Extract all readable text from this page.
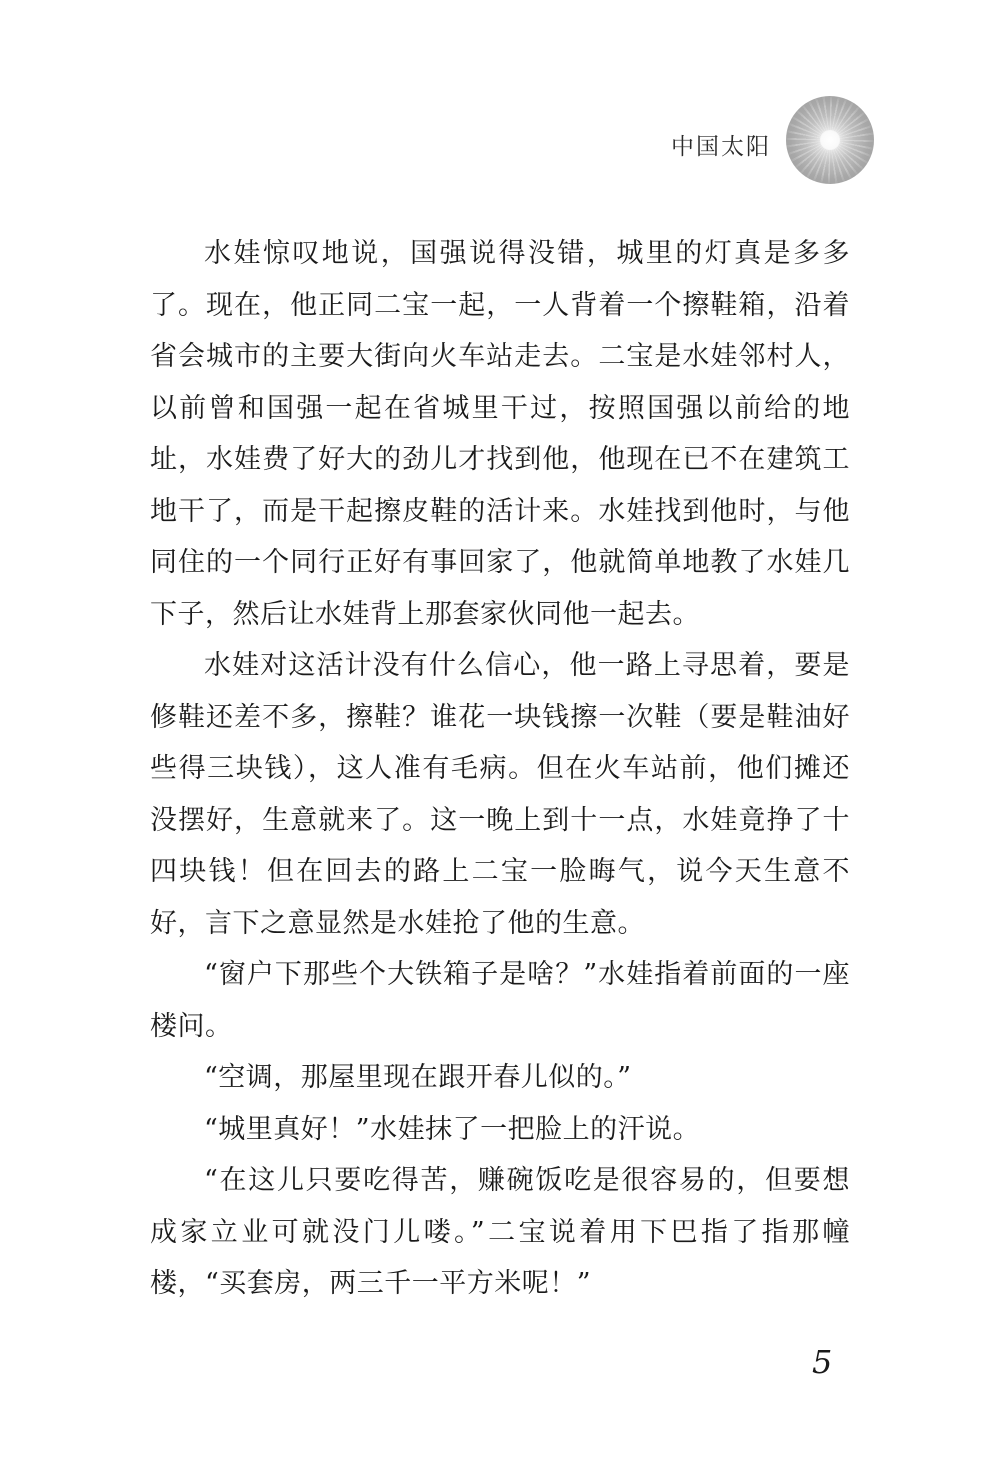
中国太阳

水娃惊叹地说，国强说得没错，城里的灯真是多多了。现在，他正同二宝一起，一人背着一个擦鞋箱，沿着省会城市的主要大街向火车站走去。二宝是水娃邻村人，以前曾和国强一起在省城里干过，按照国强以前给的地址，水娃费了好大的劲儿才找到他，他现在已不在建筑工地干了，而是干起擦皮鞋的活计来。水娃找到他时，与他同住的一个同行正好有事回家了，他就简单地教了水娃几下子，然后让水娃背上那套家伙同他一起去。

水娃对这活计没有什么信心，他一路上寻思着，要是修鞋还差不多，擦鞋？谁花一块钱擦一次鞋（要是鞋油好些得三块钱），这人准有毛病。但在火车站前，他们摊还没摆好，生意就来了。这一晚上到十一点，水娃竟挣了十四块钱！但在回去的路上二宝一脸晦气，说今天生意不好，言下之意显然是水娃抢了他的生意。

“窗户下那些个大铁箱子是啥？”水娃指着前面的一座楼问。

“空调，那屋里现在跟开春儿似的。”

“城里真好！”水娃抹了一把脸上的汗说。

“在这儿只要吃得苦，赚碗饭吃是很容易的，但要想成家立业可就没门儿喽。”二宝说着用下巴指了指那幢楼，“买套房，两三千一平方米呢！”

5
